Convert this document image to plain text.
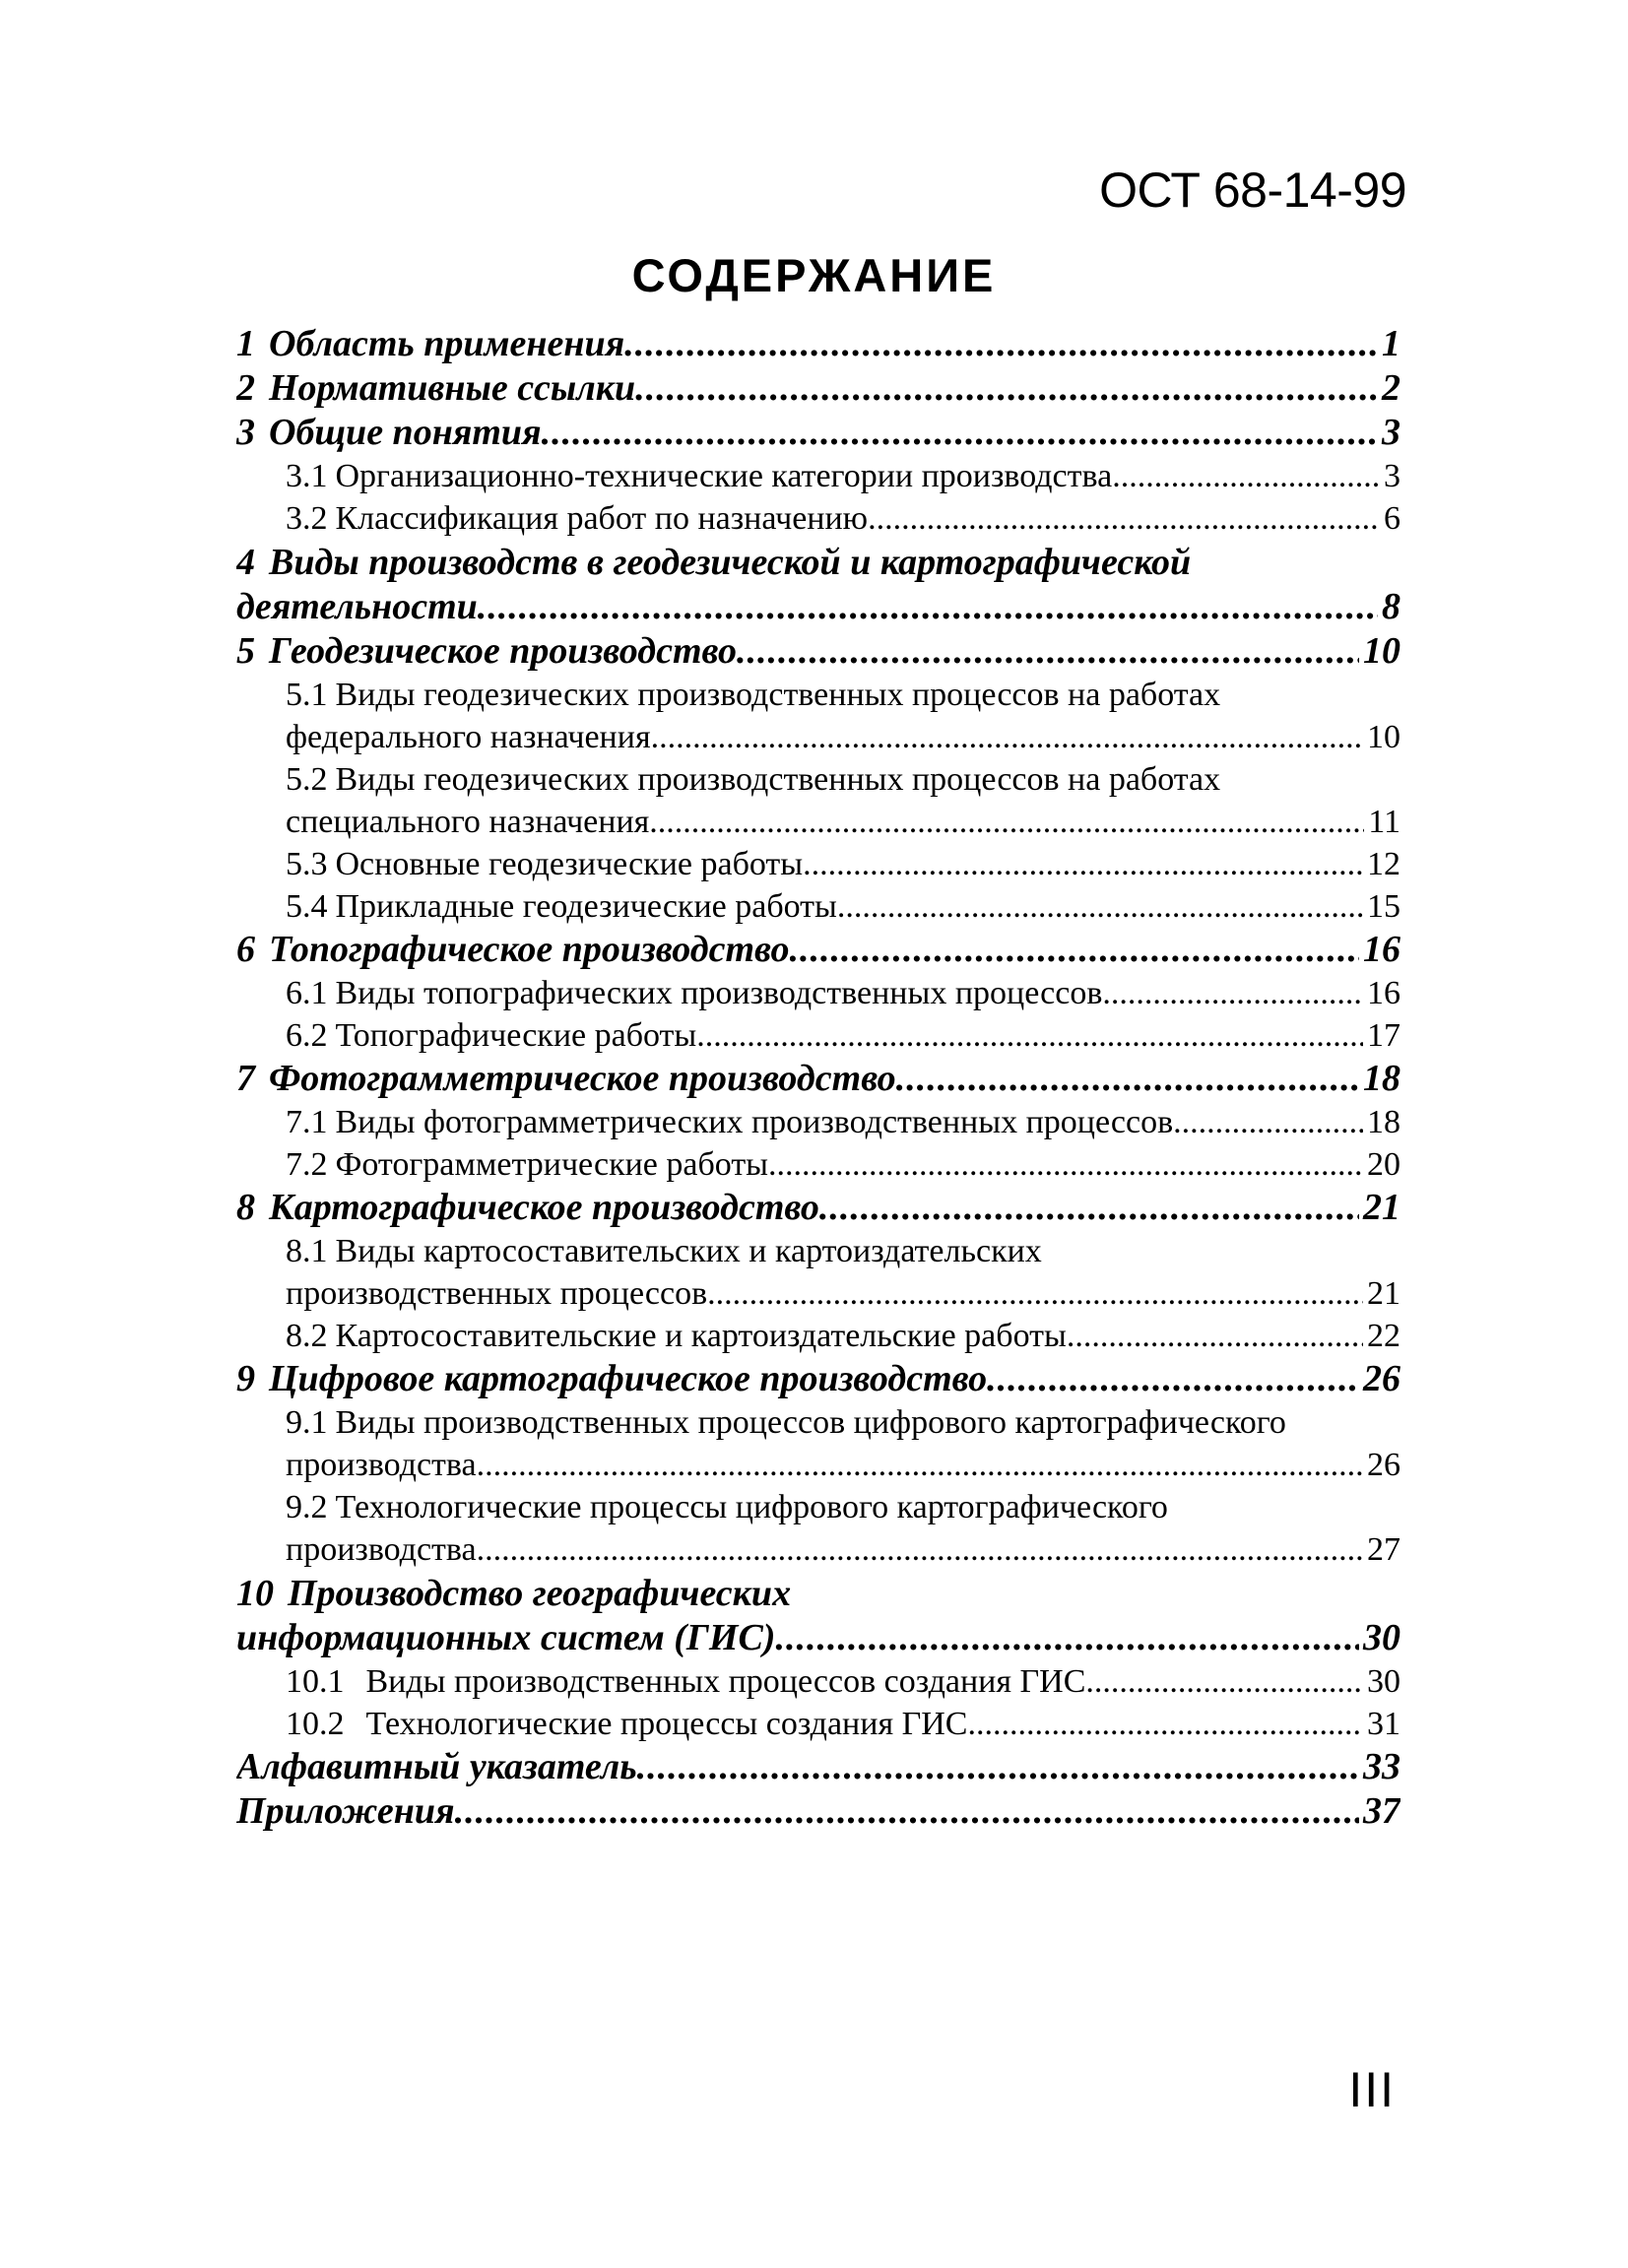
ОСТ 68-14-99
СОДЕРЖАНИЕ
1 Область применения .....	1
2 Нормативные ссылки .....	2
3 Общие понятия .....	3
3.1 Организационно-технические категории производства .....	3
3.2 Классификация работ по назначению .....	6
4 Виды производств в геодезической и картографической
деятельности .....	8
5 Геодезическое производство .....	10
5.1 Виды геодезических производственных процессов на работах
федерального назначения .....	10
5.2 Виды геодезических производственных процессов на работах
специального назначения .....	11
5.3 Основные геодезические работы .....	12
5.4 Прикладные геодезические работы .....	15
6 Топографическое производство .....	16
6.1 Виды топографических производственных процессов .....	16
6.2 Топографические работы .....	17
7 Фотограмметрическое производство .....	18
7.1 Виды фотограмметрических производственных процессов .....	18
7.2 Фотограмметрические работы .....	20
8 Картографическое производство .....	21
8.1 Виды картосоставительских и картоиздательских
производственных процессов .....	21
8.2 Картосоставительские и картоиздательские работы .....	22
9 Цифровое картографическое производство .....	26
9.1 Виды производственных процессов цифрового картографического
производства .....	26
9.2 Технологические процессы цифрового картографического
производства .....	27
10 Производство географических
информационных систем (ГИС) .....	30
10.1 Виды производственных процессов создания ГИС .....	30
10.2 Технологические процессы создания ГИС .....	31
Алфавитный указатель .....	33
Приложения .....	37
III
